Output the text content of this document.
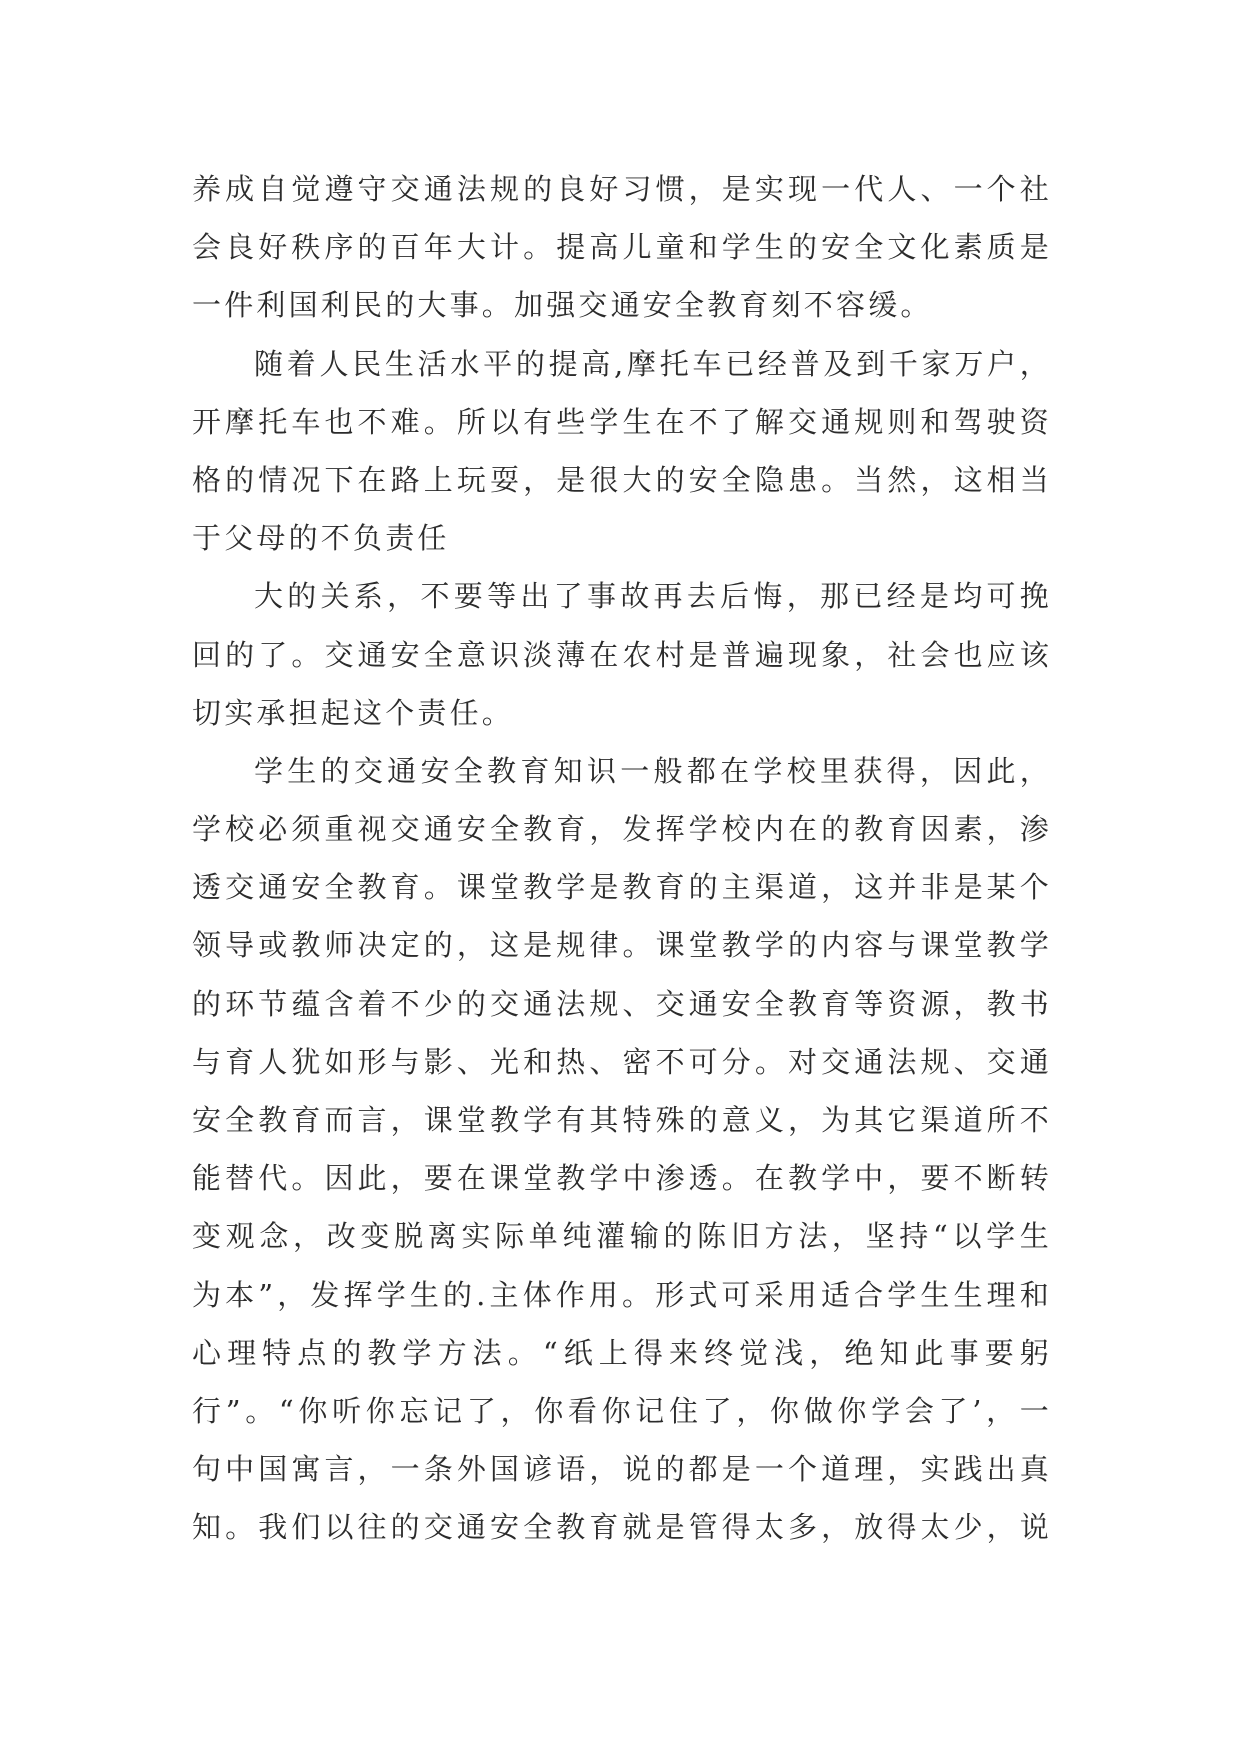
养成自觉遵守交通法规的良好习惯，是实现一代人、一个社
会良好秩序的百年大计。提高儿童和学生的安全文化素质是
一件利国利民的大事。加强交通安全教育刻不容缓。
随着人民生活水平的提高,摩托车已经普及到千家万户，
开摩托车也不难。所以有些学生在不了解交通规则和驾驶资
格的情况下在路上玩耍，是很大的安全隐患。当然，这相当
于父母的不负责任
大的关系，不要等出了事故再去后悔，那已经是均可挽
回的了。交通安全意识淡薄在农村是普遍现象，社会也应该
切实承担起这个责任。
学生的交通安全教育知识一般都在学校里获得，因此，
学校必须重视交通安全教育，发挥学校内在的教育因素，渗
透交通安全教育。课堂教学是教育的主渠道，这并非是某个
领导或教师决定的，这是规律。课堂教学的内容与课堂教学
的环节蕴含着不少的交通法规、交通安全教育等资源，教书
与育人犹如形与影、光和热、密不可分。对交通法规、交通
安全教育而言，课堂教学有其特殊的意义，为其它渠道所不
能替代。因此，要在课堂教学中渗透。在教学中，要不断转
变观念，改变脱离实际单纯灌输的陈旧方法，坚持“以学生
为本”，发挥学生的.主体作用。形式可采用适合学生生理和
心理特点的教学方法。“纸上得来终觉浅，绝知此事要躬
行”。“你听你忘记了，你看你记住了，你做你学会了’，一
句中国寓言，一条外国谚语，说的都是一个道理，实践出真
知。我们以往的交通安全教育就是管得太多，放得太少，说
